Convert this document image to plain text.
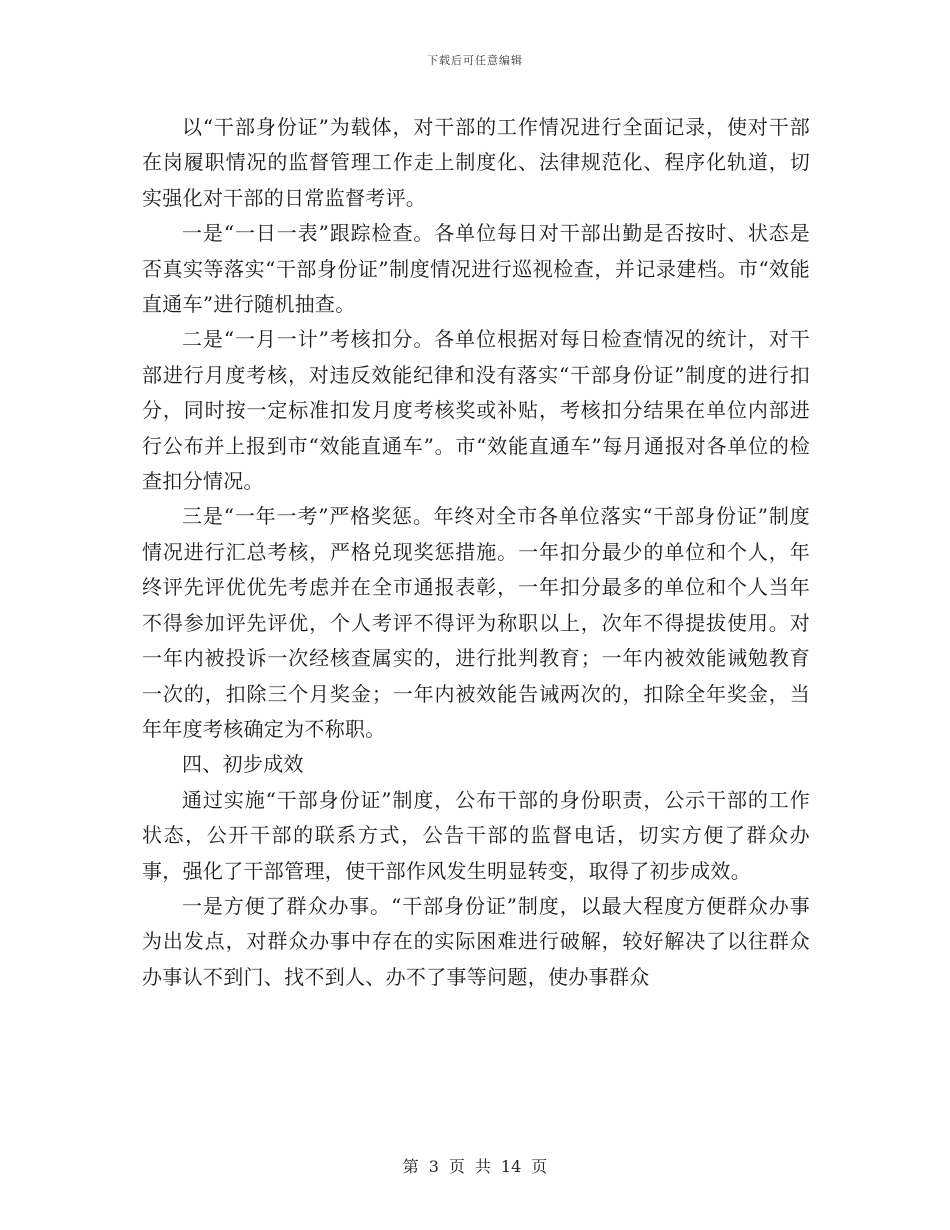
下载后可任意编辑

以“干部身份证”为载体，对干部的工作情况进行全面记录，使对干部在岗履职情况的监督管理工作走上制度化、法律规范化、程序化轨道，切实强化对干部的日常监督考评。

一是“一日一表”跟踪检查。各单位每日对干部出勤是否按时、状态是否真实等落实“干部身份证”制度情况进行巡视检查，并记录建档。市“效能直通车”进行随机抽查。

二是“一月一计”考核扣分。各单位根据对每日检查情况的统计，对干部进行月度考核，对违反效能纪律和没有落实“干部身份证”制度的进行扣分，同时按一定标准扣发月度考核奖或补贴，考核扣分结果在单位内部进行公布并上报到市“效能直通车”。市“效能直通车”每月通报对各单位的检查扣分情况。

三是“一年一考”严格奖惩。年终对全市各单位落实“干部身份证”制度情况进行汇总考核，严格兑现奖惩措施。一年扣分最少的单位和个人，年终评先评优优先考虑并在全市通报表彰，一年扣分最多的单位和个人当年不得参加评先评优，个人考评不得评为称职以上，次年不得提拔使用。对一年内被投诉一次经核查属实的，进行批判教育；一年内被效能诫勉教育一次的，扣除三个月奖金；一年内被效能告诫两次的，扣除全年奖金，当年年度考核确定为不称职。

四、初步成效

通过实施“干部身份证”制度，公布干部的身份职责，公示干部的工作状态，公开干部的联系方式，公告干部的监督电话，切实方便了群众办事，强化了干部管理，使干部作风发生明显转变，取得了初步成效。

一是方便了群众办事。“干部身份证”制度，以最大程度方便群众办事为出发点，对群众办事中存在的实际困难进行破解，较好解决了以往群众办事认不到门、找不到人、办不了事等问题，使办事群众

第 3 页 共 14 页
